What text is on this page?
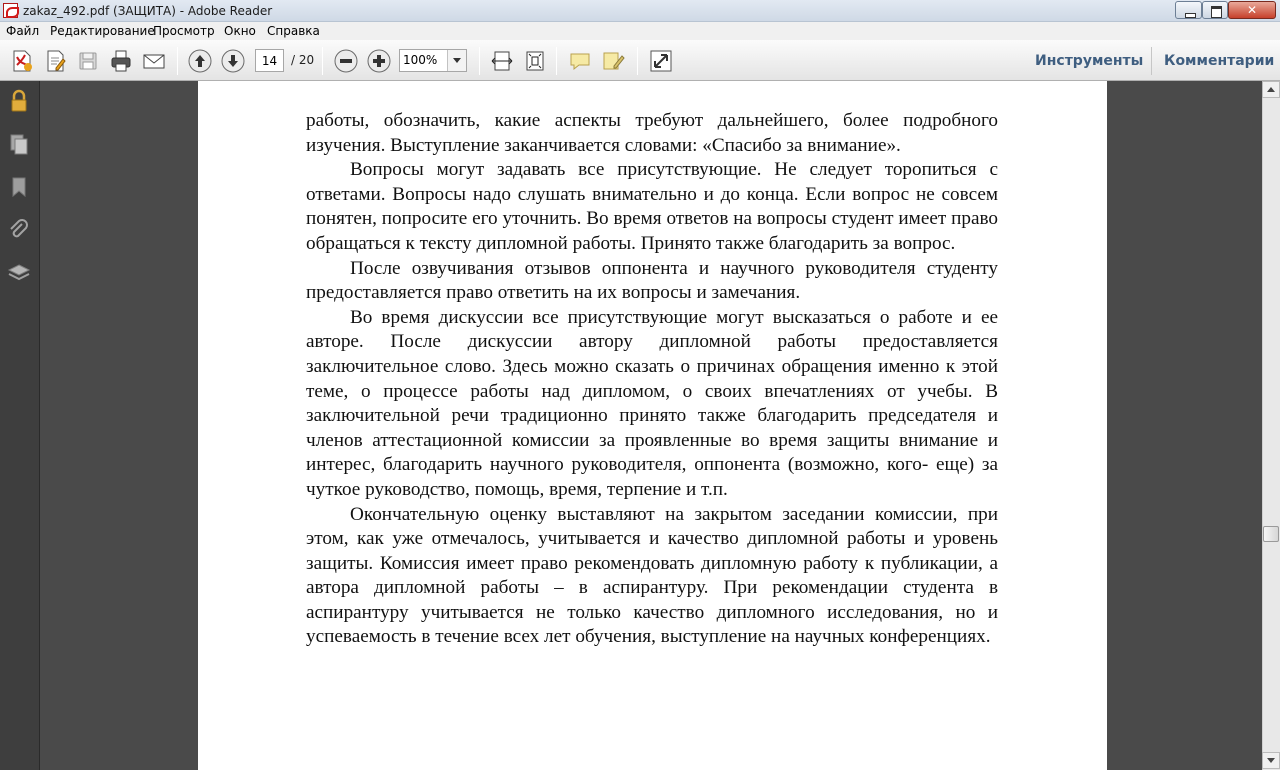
zakaz_492.pdf (ЗАЩИТА) - Adobe Reader
✕
Файл Редактирование
Просмотр Окно Справка
14
/ 20	100%	Инструменты Комментарии

работы, обозначить, какие аспекты требуют дальнейшего, более подробного изучения. Выступление заканчивается словами: «Спасибо за внимание».

Вопросы могут задавать все присутствующие. Не следует торопиться с ответами. Вопросы надо слушать внимательно и до конца. Если вопрос не совсем понятен, попросите его уточнить. Во время ответов на вопросы студент имеет право обращаться к тексту дипломной работы. Принято также благодарить за вопрос.

После озвучивания отзывов оппонента и научного руководителя студенту предоставляется право ответить на их вопросы и замечания.

Во время дискуссии все присутствующие могут высказаться о работе и ее авторе. После дискуссии автору дипломной работы предоставляется заключительное слово. Здесь можно сказать о причинах обращения именно к этой теме, о процессе работы над дипломом, о своих впечатлениях от учебы. В заключительной речи традиционно принято также благодарить председателя и членов аттестационной комиссии за проявленные во время защиты внимание и интерес, благодарить научного руководителя, оппонента (возможно, кого- еще) за чуткое руководство, помощь, время, терпение и т.п.

Окончательную оценку выставляют на закрытом заседании комиссии, при этом, как уже отмечалось, учитывается и качество дипломной работы и уровень защиты. Комиссия имеет право рекомендовать дипломную работу к публикации, а автора дипломной работы – в аспирантуру. При рекомендации студента в аспирантуру учитывается не только качество дипломного исследования, но и успеваемость в течение всех лет обучения, выступление на научных конференциях.
